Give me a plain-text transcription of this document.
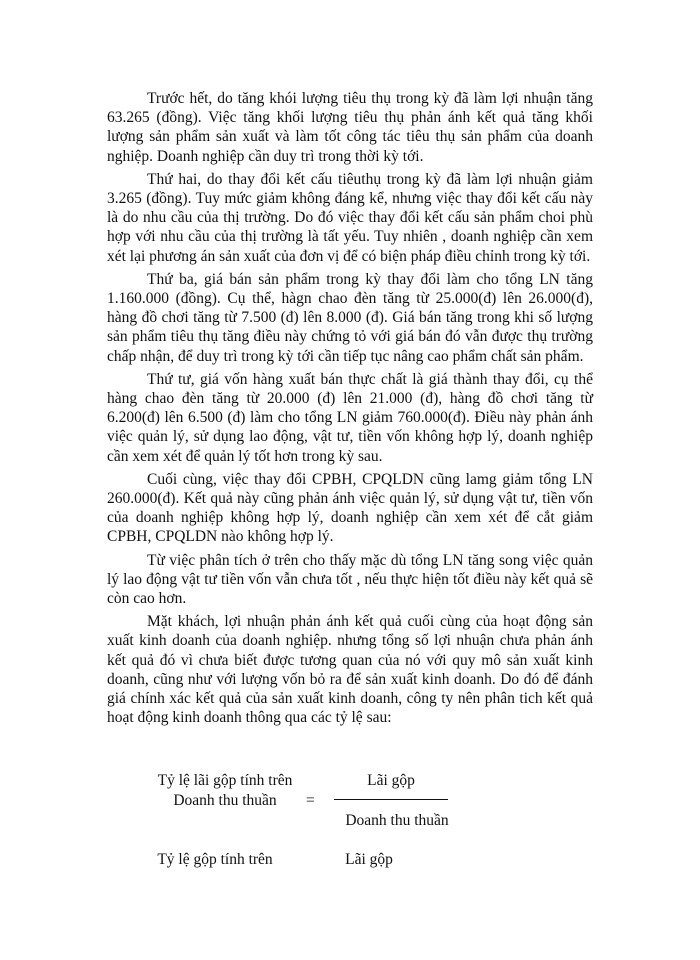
Trước hết, do tăng khói lượng tiêu thụ trong kỳ đã làm lợi nhuận tăng 63.265 (đồng). Việc tăng khối lượng tiêu thụ phản ánh kết quả tăng khối lượng sản phẩm sản xuất và làm tốt công tác tiêu thụ sản phẩm của doanh nghiệp. Doanh nghiệp cần duy trì trong thời kỳ tới.

Thứ hai, do thay đổi kết cấu tiêuthụ trong kỳ đã làm lợi nhuận giảm 3.265 (đồng). Tuy mức giảm không đáng kể, nhưng việc thay đổi kết cấu này là do nhu cầu của thị trường. Do đó việc thay đổi kết cấu sản phẩm choi phù hợp với nhu cầu của thị trường là tất yếu. Tuy nhiên , doanh nghiệp cần xem xét lại phương án sản xuất của đơn vị để có biện pháp điều chỉnh trong kỳ tới.

Thứ ba, giá bán sản phẩm trong kỳ thay đổi làm cho tổng LN tăng 1.160.000 (đồng). Cụ thể, hàgn chao đèn tăng từ 25.000(đ) lên 26.000(đ), hàng đồ chơi tăng từ 7.500 (đ) lên 8.000 (đ). Giá bán tăng trong khi số lượng sản phẩm tiêu thụ tăng điều này chứng tỏ với giá bán đó vẫn được thụ trường chấp nhận, để duy trì trong kỳ tới cần tiếp tục nâng cao phẩm chất sản phẩm.

Thứ tư, giá vốn hàng xuất bán thực chất là giá thành thay đổi, cụ thể hàng chao đèn tăng từ 20.000 (đ) lên 21.000 (đ), hàng đồ chơi tăng từ 6.200(đ) lên 6.500 (đ) làm cho tổng LN giảm 760.000(đ). Điều này phản ánh việc quản lý, sử dụng lao động, vật tư, tiền vốn không hợp lý, doanh nghiệp cần xem xét để quản lý tốt hơn trong kỳ sau.

Cuối cùng, việc thay đổi CPBH, CPQLDN cũng lamg giảm tổng LN 260.000(đ). Kết quả này cũng phản ánh việc quản lý, sử dụng vật tư, tiền vốn của doanh nghiệp không hợp lý, doanh nghiệp cần xem xét để cắt giảm CPBH, CPQLDN nào không hợp lý.

Từ việc phân tích ở trên cho thấy mặc dù tổng LN tăng song việc quản lý lao động vật tư tiền vốn vẫn chưa tốt , nếu thực hiện tốt điều này kết quả sẽ còn cao hơn.

Mặt khách, lợi nhuận phản ánh kết quả cuối cùng của hoạt động sản xuất kinh doanh của doanh nghiệp. nhưng tổng số lợi nhuận chưa phản ánh kết quả đó vì chưa biết được tương quan của nó với quy mô sản xuất kinh doanh, cũng như với lượng vốn bỏ ra để sản xuất kinh doanh. Do đó để đánh giá chính xác kết quả của sản xuất kinh doanh, công ty nên phân tich kết quả hoạt động kinh doanh thông qua các tỷ lệ sau:

Tỷ lệ lãi gộp tính trên
Doanh thu thuần	=
Lãi gộp
Doanh thu thuần
Tỷ lệ gộp tính trên	Lãi gộp
